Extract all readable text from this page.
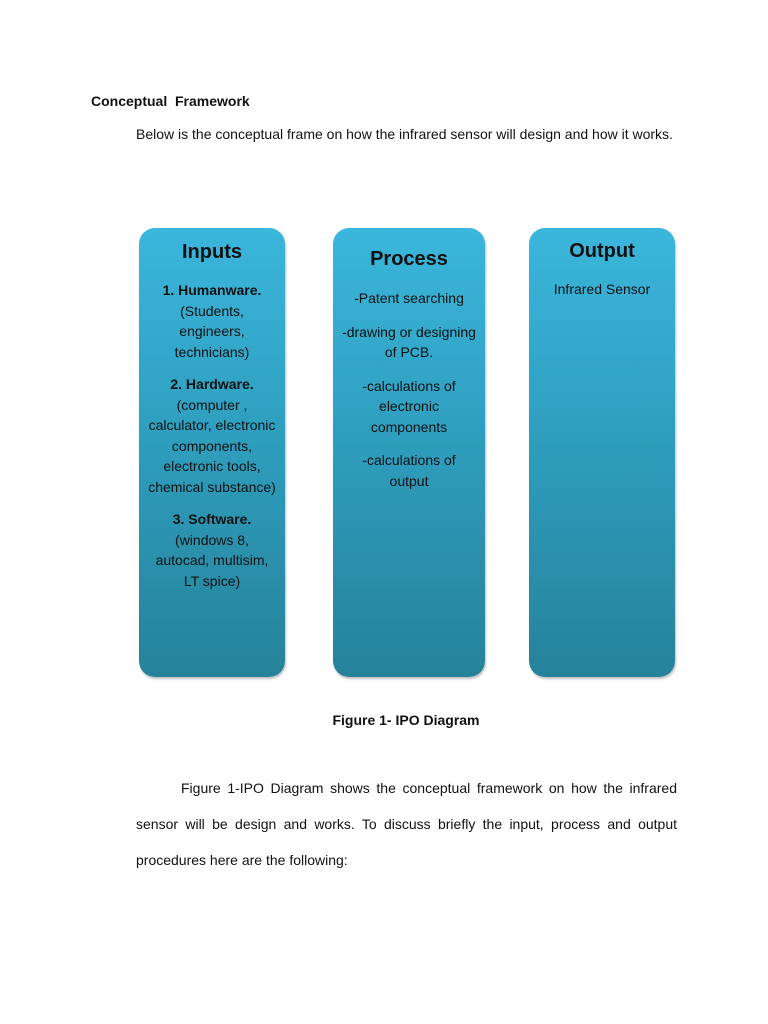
Conceptual  Framework

Below is the conceptual frame on how the infrared sensor will design and how it works.

Inputs

1. Humanware.
(Students, engineers, technicians)
2. Hardware.
(computer , calculator, electronic components, electronic tools, chemical substance)
3. Software.
(windows 8, autocad, multisim, LT spice)

Process

-Patent searching

-drawing or designing of PCB.

-calculations of electronic components

-calculations of output

Output

Infrared Sensor

Figure 1- IPO Diagram

Figure 1-IPO Diagram shows the conceptual framework on how the infrared sensor will be design and works. To discuss briefly the input, process and output procedures here are the following:
